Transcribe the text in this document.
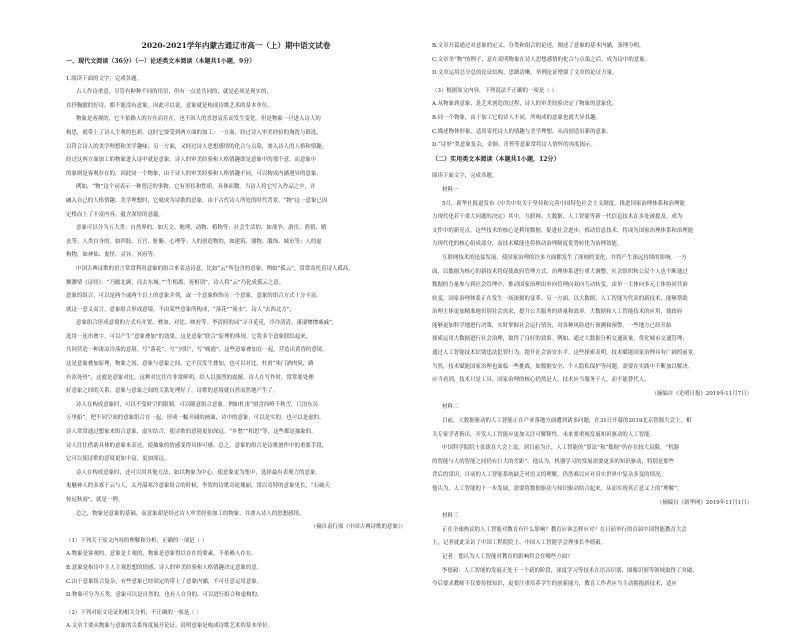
2020-2021学年内蒙古通辽市高一（上）期中语文试卷

一、现代文阅读（36分）（一）论述类文本阅读（本题共1小题，9分）

1.阅读下面的文字，完成各题。

古人作诗重意，尽管有种种不同的用语，但有一点是共同的，就是必须是现实的，

直抒胸臆的好诗，都不能没有意象。因此可以说，意象就是构成诗歌艺术的基本单位。

物象是客观的，它不依赖人的存在而存在，也不因人的喜怒哀乐而发生变化。但是物象一旦进入诗人的

构思，就带上了诗人主观的色彩。这时它要受到两方面的加工：一方面，经过诗人审美经验的淘洗与筛选，

以符合诗人的美学理想和美学趣味；另一方面，又经过诗人思想感情的化合与点染，渗入诗人的人格和情趣。

经过这两方面加工的物象进入诗中就是意象。诗人的审美经验和人格情趣即是意象中的那个意，而意象中

的象则是客观存在的，因此同一个物象，由于诗人的审美经验和人格情趣不同，可以构成内涵迥异的意象。

例如，“物”这个词表示一种普泛的事物，它有形状和性质，具体而微。当诗人将它写入作品之中，并

融入自己的人格情趣、美学理想时，它就成为诗歌的意象。由于古代诗人所处的时代背景，“物”这一意象已因

定格而上了丰富内容，蕴含深厚的意蕴。

意象可以分为五大类：自然界的，如天文、地理、动物、植物等；社会生活的，如战争、游宦、渔猎、婚

丧等；人类自身的，如四肢、五官、脏腑、心理等；人的创造物的，如建筑、器物、服饰、城市等；人的虚

构物，如神仙、鬼怪、灵异、冥府等。

中国古典诗歌的语言常常利用意象的组合来表达诗意，比如“云”所包含的意象，例如“孤云”，常常寄托着诗人孤高，

飘渺情《诗经》：“乃瞻北顾，而去东城。”“生相离，死相别”，诗人将“云”乃化成孤云之意。

意象的组合，可以是两个或两个以上的意象并列，或一个意象修饰另一个意象，意象的组合方式十分丰富。

就这一意义而言，意象组合形成意境，不由某些意象所构成，“落花”“流水”，诗人“去西北方”，

意象组合形成意境的方式有并置、叠加、对比、映衬等。李清照的词“寻寻觅觅，冷冷清清，凄凄惨惨戚戚”，

选用一连串叠字，可以产生“意象叠加”的效果。这是意象“联合”原理的体现。它将多个意象联结起来，

共同营造一种凄凉冷落的意境。写“落花”，写“夕阳”，写“晚霞”，这些意象叠加在一起，营造出黄昏的意境。

这是意象叠加原理，物象之间，意象与意象之间，它不仅发生叠加，也可以对比。杜甫“朱门酒肉臭，路

有冻死骨”，这就是意象对比。这种对比往往非常鲜明，给人以强烈的震撼。诗人在写作时，常常要处理

好意象之间的关系，意象与意象之间的关系处理好了，诗歌的意境就自然而然地产生了。

诗人在构成意象时，可以不受时空的限制，可以随意组合意象。例如杜甫“窗含西岭千秋雪，门泊东吴

万里船”，把不同空间的意象组合在一起，形成一幅开阔的画面，诗中的意象，可以是实的，也可以是虚的。

诗人常常通过想象来组合意象，虚实结合，使诗歌的意境更加深远。“乡愁”“相思”等，这些都是抽象的。

诗人往往借助具体的意象来表达，使抽象的情感变得具体可感。总之，意象的组合是诗歌创作中的重要手段，

它可以使诗歌的意境更加丰富，更加深远。

诗人在构成意象时，还可以用其他方法，如以物象为中心，使意象更为集中，选择最有表现力的意象。

鬼魅神人的多寡于云与人，太丹韶寒冷意象组合的时候，李贺的诗歌奇诡瑰丽，常以奇特的意象见长，“石破天

惊逗秋雨”，就是一例。

总之，物象是意象的基础，而意象却是经过诗人审美经验加工的物象，并渗入诗人的思想感情。

（摘自袁行霈《中国古典诗歌的意象》）

（1）下列关于原文内容的理解和分析，正确的一项是（ ）

A.物象是客观的，意象是主观的，物象是意象得以存在的要素，不依赖人存在。

B.意象是指诗中主人主观思想的情感，诗人的审美经验和人格情趣决定意象的意。

C.由于意象组合复杂，有些意象已经固定的带上了意象内涵，不可任意运用意象。

D.物象可分为五类，意象可以是自然的，也有人自身的，可以进行组合和虚构的。

（2）下列对原文论证的相关分析，不正确的一项是（ ）

A.文章主要从物象与意象的关系角度展开论证，说明意象是构成诗歌艺术的基本单位。

B.文章开篇通过对意象的定义、分类和组合的论述，阐述了意象的基本内涵，条理分明。

C.文章举“物”的例子，意在说明物象在诗人思想感情的化合与点染之后，成为诗中的意象。

D.文章运用总分总的论证结构，思路清晰，举例论证增强了文章的论证力量。

（3）根据原文内容，下列说法不正确的一项是（ ）

A.从物象到意象，是艺术创造的过程，诗人的审美经验决定了物象的意象化。

B.同一个物象，由于加工它的诗人不同，所构成的意象也就大异其趣。

C.描述物体形象，适用寄托诗人的情趣与美学理想，从而创造出新的意象。

D.“诗形”类意象复杂，金铜、青苔等意象常将诗人情怀的再度揭示。

（二）实用类文本阅读（本题共1小题，12分）

阅读下面文字，完成各题。

材料一

5月，新华社报道发布《中共中央关于坚持和完善中国特色社会主义制度，推进国家治理体系和治理能

力现代化若干重大问题的决定》其中，互联网、大数据、人工智能等新一代信息技术在多处被提及，成为

文件中的新亮点。这些技术的核心是利用数据，促进社会进步，推动信息技术，将成为国家治理体系和治理能

力现代化的核心组成部分，而技术赋能也将推动治理制度优势转化为治理效能。

互联网技术的迅猛发展，使国家治理的许多方面都发生了深刻的变化，并将产生深远持续的影响。一方

面，以数据为核心的新技术将促使政府管理方式、治理体系进行重大调整，社会组织和公民个人也不断通过

数据的力量参与到社会管理中，推动国家治理由单向管理向双向互动转变，由单一主体向多元主体协同共治

转变，国家治理体系正在发生一场深刻的变革。另一方面，以大数据、人工智能为代表的新技术，能够帮助

治理主体更加精准地识别社会需求，提升公共服务的质量和效率。大数据和人工智能技术的应用，使政府

能够更加科学地进行决策，实时掌握社会运行情况，对各种风险进行预测和预警。一些地方已经开始

探索运用大数据进行社会治理，取得了良好的效果。例如，通过大数据分析交通流量，优化城市交通管理；

通过人工智能技术识别违法犯罪行为，提升社会治安水平。这些探索表明，技术赋能国家治理具有广阔的前景。

当然，技术赋能国家治理也面临一些挑战，如数据安全、个人隐私保护等问题，需要在实践中不断加以解决。

应当看到，技术只是工具，国家治理的核心仍然是人，技术应当服务于人，而不能替代人。

（摘编自《光明日报》2019年11月7日）

材料二

目前，大数据驱动的人工智能正在产业落地方面遭到诸多问题，在31日开幕的2019北京智源大会上，相

关专家学者指出，开发人工智能应更加关注可解释性，未来要重视发展知识驱动的人工智能。

中国科学院院士张钹在大会上说，到目前为止，人工智能的“算法”和“数据”仍存在较大局限，“机器

的智能与人的智能之间仍有巨大的差距”。他认为，机器学习的发展需要更多的知识驱动，特别是那些

背后的常识，目前的人工智能系统缺乏对语义的理解，仍然难以应对真实世界中复杂多变的情况。

他认为，人工智能的下一步发展，需要将数据驱动与知识驱动结合起来，从而实现真正意义上的“理解”。

（摘编自《新华网》2019年11月1日）

材料三

正在全球热议的人工智能对教育有什么影响？教育应该怎样应对？在日前举行的首届中国智能教育大会

上，记者就此采访了中国工程院院士、中国人工智能学会理事长李德毅。

记者：您认为人工智能对教育的影响将会在哪些方面？

李德毅：人工智能的发展正处于一个新的阶段，深度学习等技术在语音识别、图像识别等领域取得了突破，

今后要求教师不仅要传授知识，更要注重培养学生的创新能力，教育工作者应当主动拥抱新技术，适应
